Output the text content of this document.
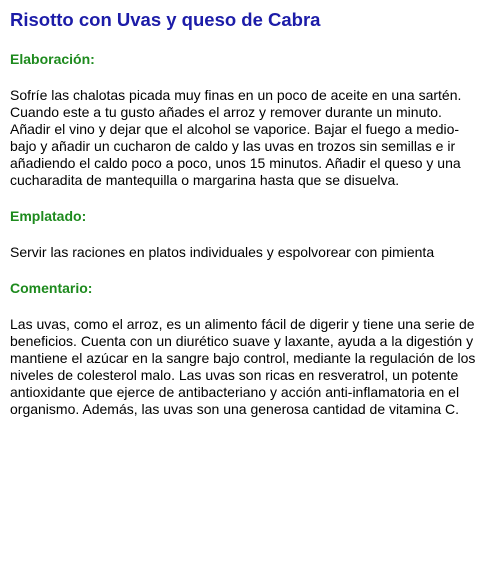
Risotto con Uvas y queso de Cabra
Elaboración:

Sofríe las chalotas picada muy finas en un poco de aceite en una sartén. Cuando este a tu gusto añades el arroz y remover durante un minuto. Añadir el vino y dejar que el alcohol se vaporice. Bajar el fuego a medio-bajo y añadir un cucharon de caldo y las uvas en trozos sin semillas e ir añadiendo el caldo poco a poco, unos 15 minutos. Añadir el queso y una cucharadita de mantequilla o margarina hasta que se disuelva.

Emplatado:

Servir las raciones en platos individuales y espolvorear con pimienta

Comentario:

Las uvas, como el arroz, es un alimento fácil de digerir y tiene una serie de beneficios. Cuenta con un diurético suave y laxante, ayuda a la digestión y mantiene el azúcar en la sangre bajo control, mediante la regulación de los niveles de colesterol malo. Las uvas son ricas en resveratrol, un potente antioxidante que ejerce de antibacteriano y acción anti-inflamatoria en el organismo. Además, las uvas son una generosa cantidad de vitamina C.
